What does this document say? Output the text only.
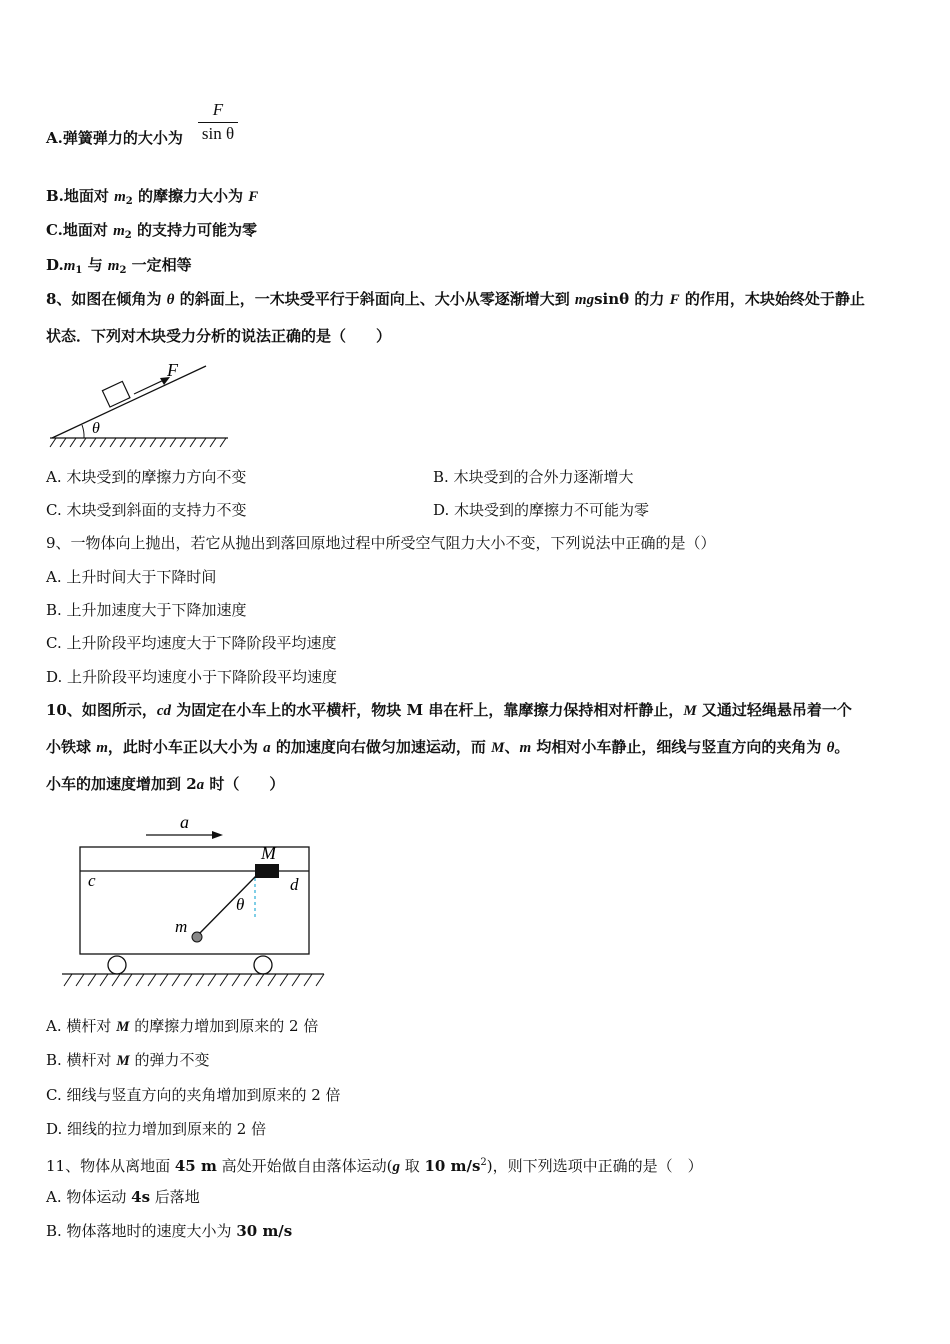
A.弹簧弹力的大小为
F
sin θ
B.地面对 $m_2$ 的摩擦力大小为 F
C.地面对 $m_2$ 的支持力可能为零
$D.m_1$ 与 $m_2$ 一定相等
8、如图在倾角为 θ 的斜面上，一木块受平行于斜面向上、大小从零逐渐增大到 mgsinθ 的力 F 的作用，木块始终处于静止
状态．下列对木块受力分析的说法正确的是（　　）
θ
F
A. 木块受到的摩擦力方向不变	B. 木块受到的合外力逐渐增大
C. 木块受到斜面的支持力不变	D. 木块受到的摩擦力不可能为零
9、一物体向上抛出，若它从抛出到落回原地过程中所受空气阻力大小不变，下列说法中正确的是（）
A. 上升时间大于下降时间
B. 上升加速度大于下降加速度
C. 上升阶段平均速度大于下降阶段平均速度
D. 上升阶段平均速度小于下降阶段平均速度
10、如图所示，cd 为固定在小车上的水平横杆，物块 M 串在杆上，靠摩擦力保持相对杆静止，M 又通过轻绳悬吊着一个
小铁球 m，此时小车正以大小为 a 的加速度向右做匀加速运动，而 M、m 均相对小车静止，细线与竖直方向的夹角为 θ。
小车的加速度增加到 2a 时（　　）
a
c	d
M
m
θ
A. 横杆对 M 的摩擦力增加到原来的 2 倍
B. 横杆对 M 的弹力不变
C. 细线与竖直方向的夹角增加到原来的 2 倍
D. 细线的拉力增加到原来的 2 倍
11、物体从离地面 45 m 高处开始做自由落体运动(g 取 10 $m/s^2$)，则下列选项中正确的是（　）
A. 物体运动 4s 后落地
B. 物体落地时的速度大小为 30 m/s
